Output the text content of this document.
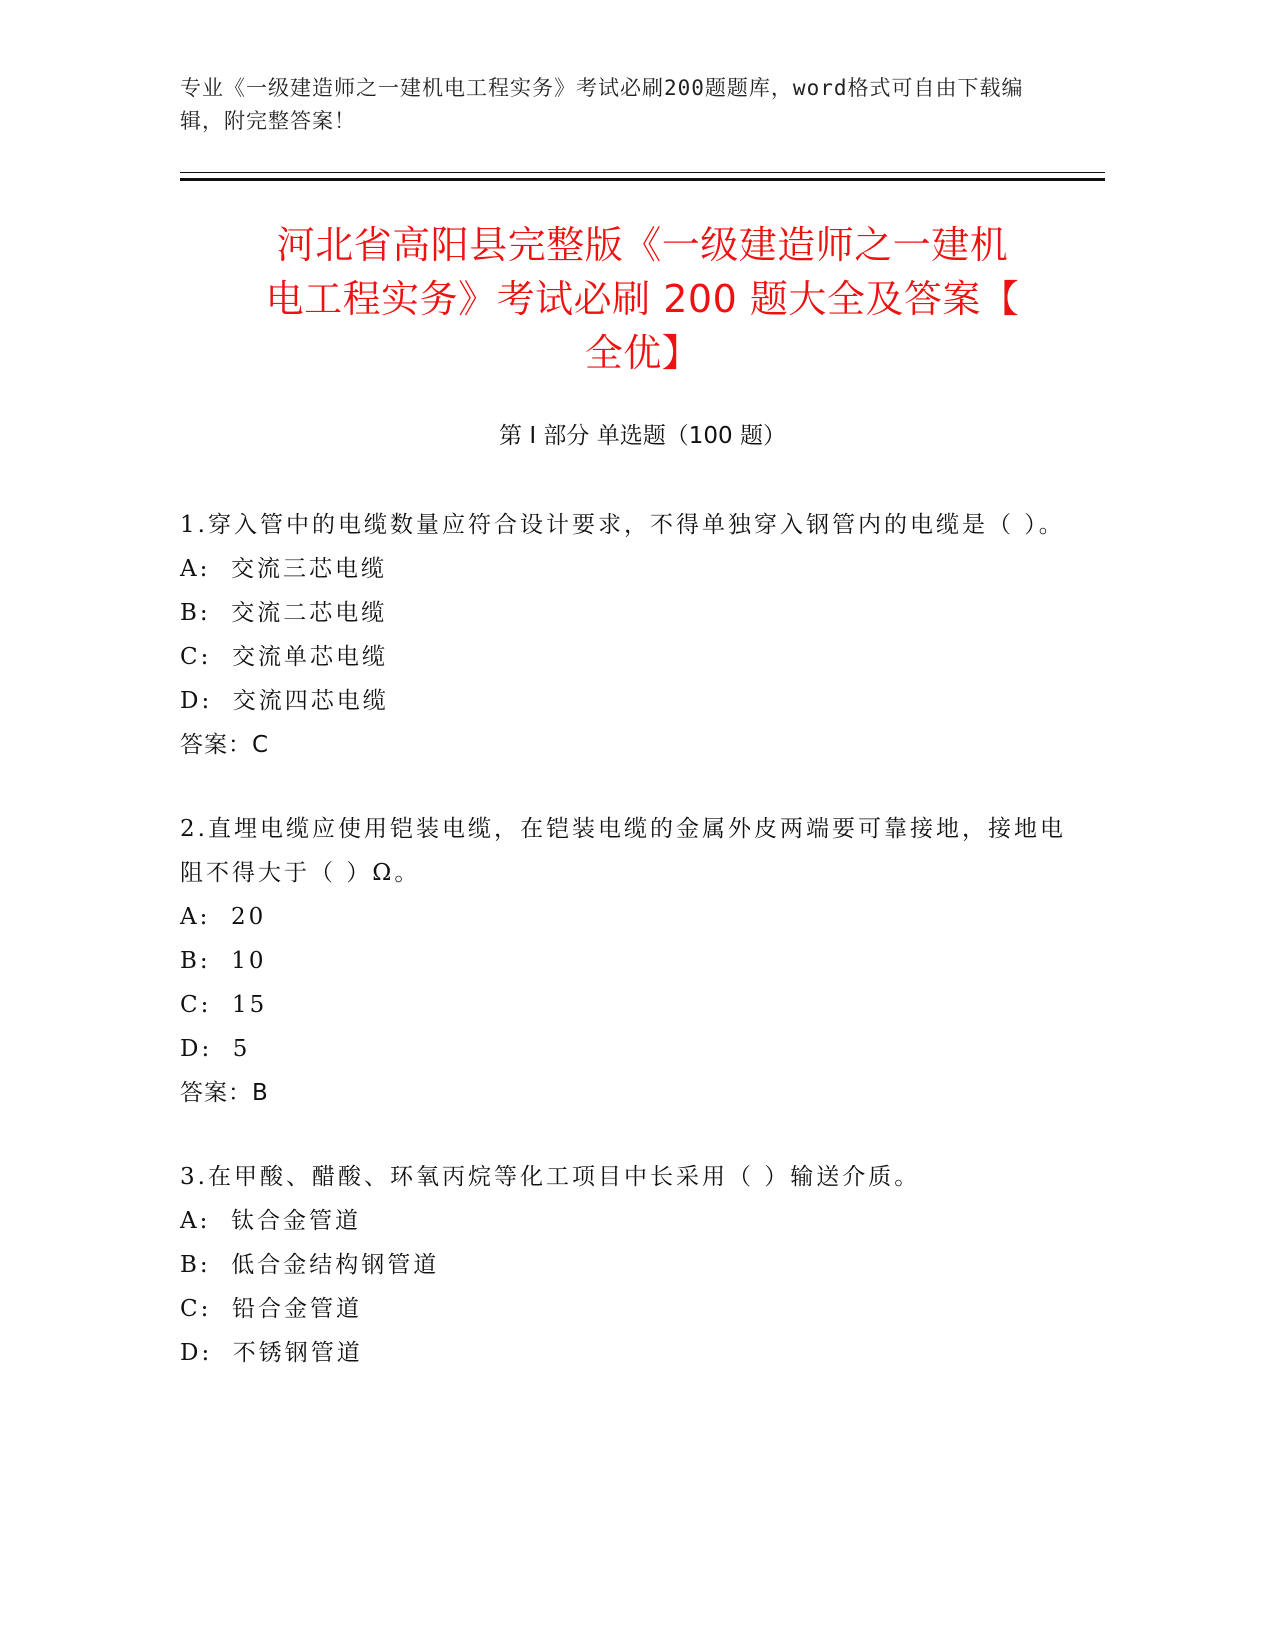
专业《一级建造师之一建机电工程实务》考试必刷200题题库，word格式可自由下载编辑，附完整答案！
河北省高阳县完整版《一级建造师之一建机
电工程实务》考试必刷 200 题大全及答案【
全优】
第 I 部分 单选题（100 题）

1.穿入管中的电缆数量应符合设计要求，不得单独穿入钢管内的电缆是（ ）。

A:  交流三芯电缆

B:  交流二芯电缆

C:  交流单芯电缆

D:  交流四芯电缆

答案：C

2.直埋电缆应使用铠装电缆，在铠装电缆的金属外皮两端要可靠接地，接地电阻不得大于（ ）Ω。

A:  20

B:  10

C:  15

D:  5

答案：B

3.在甲酸、醋酸、环氧丙烷等化工项目中长采用（ ）输送介质。

A:  钛合金管道

B:  低合金结构钢管道

C:  铅合金管道

D:  不锈钢管道
